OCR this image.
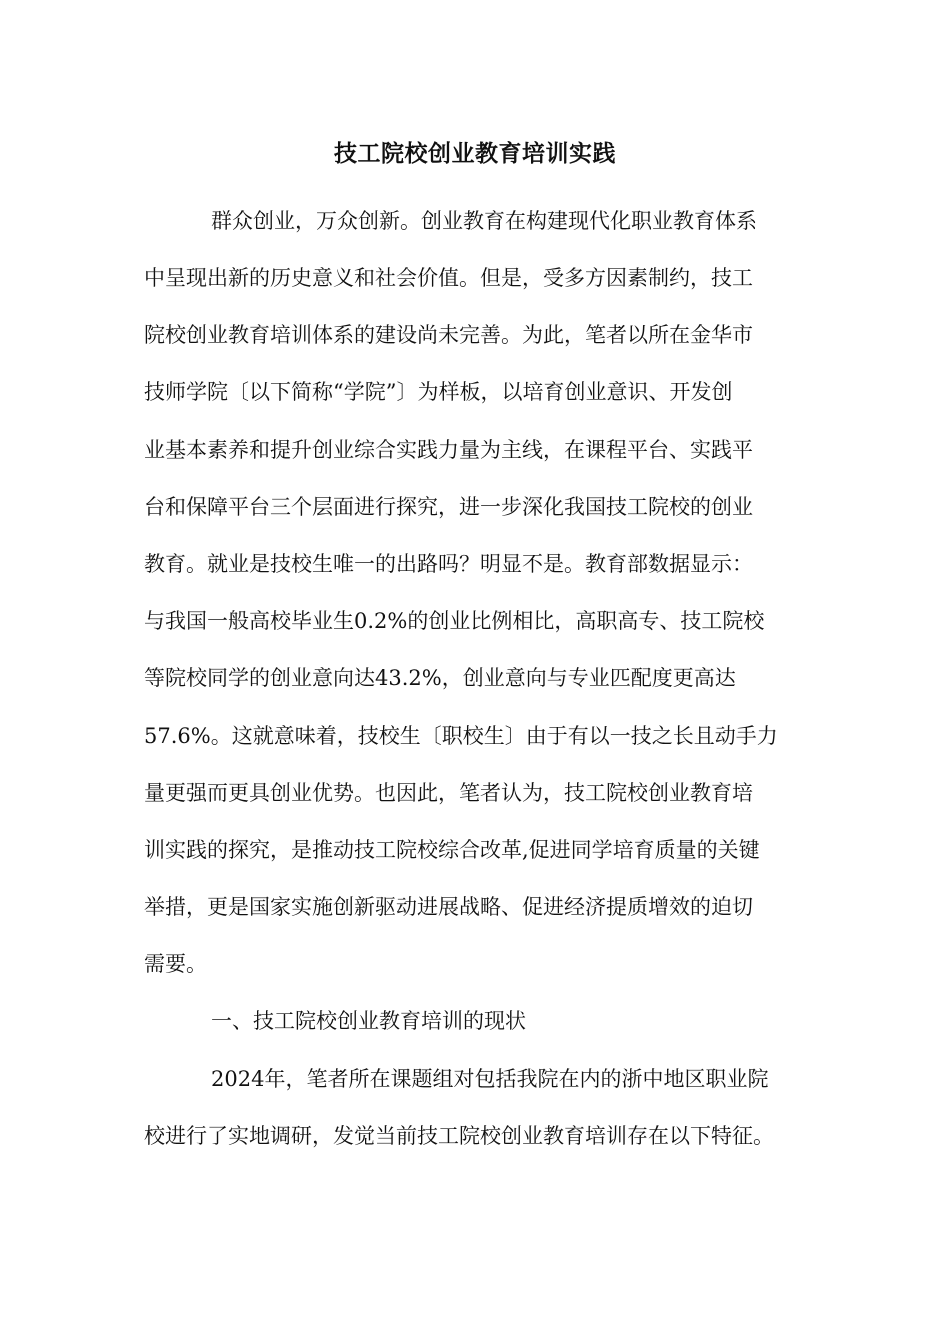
技工院校创业教育培训实践
群众创业，万众创新。创业教育在构建现代化职业教育体系
中呈现出新的历史意义和社会价值。但是，受多方因素制约，技工
院校创业教育培训体系的建设尚未完善。为此，笔者以所在金华市
技师学院〔以下简称“学院”〕为样板，以培育创业意识、开发创
业基本素养和提升创业综合实践力量为主线，在课程平台、实践平
台和保障平台三个层面进行探究，进一步深化我国技工院校的创业
教育。就业是技校生唯一的出路吗？明显不是。教育部数据显示：
与我国一般高校毕业生0.2%的创业比例相比，高职高专、技工院校
等院校同学的创业意向达43.2%，创业意向与专业匹配度更高达
57.6%。这就意味着，技校生〔职校生〕由于有以一技之长且动手力
量更强而更具创业优势。也因此，笔者认为，技工院校创业教育培
训实践的探究，是推动技工院校综合改革,促进同学培育质量的关键
举措，更是国家实施创新驱动进展战略、促进经济提质增效的迫切
需要。
一、技工院校创业教育培训的现状
2024年，笔者所在课题组对包括我院在内的浙中地区职业院
校进行了实地调研，发觉当前技工院校创业教育培训存在以下特征。
